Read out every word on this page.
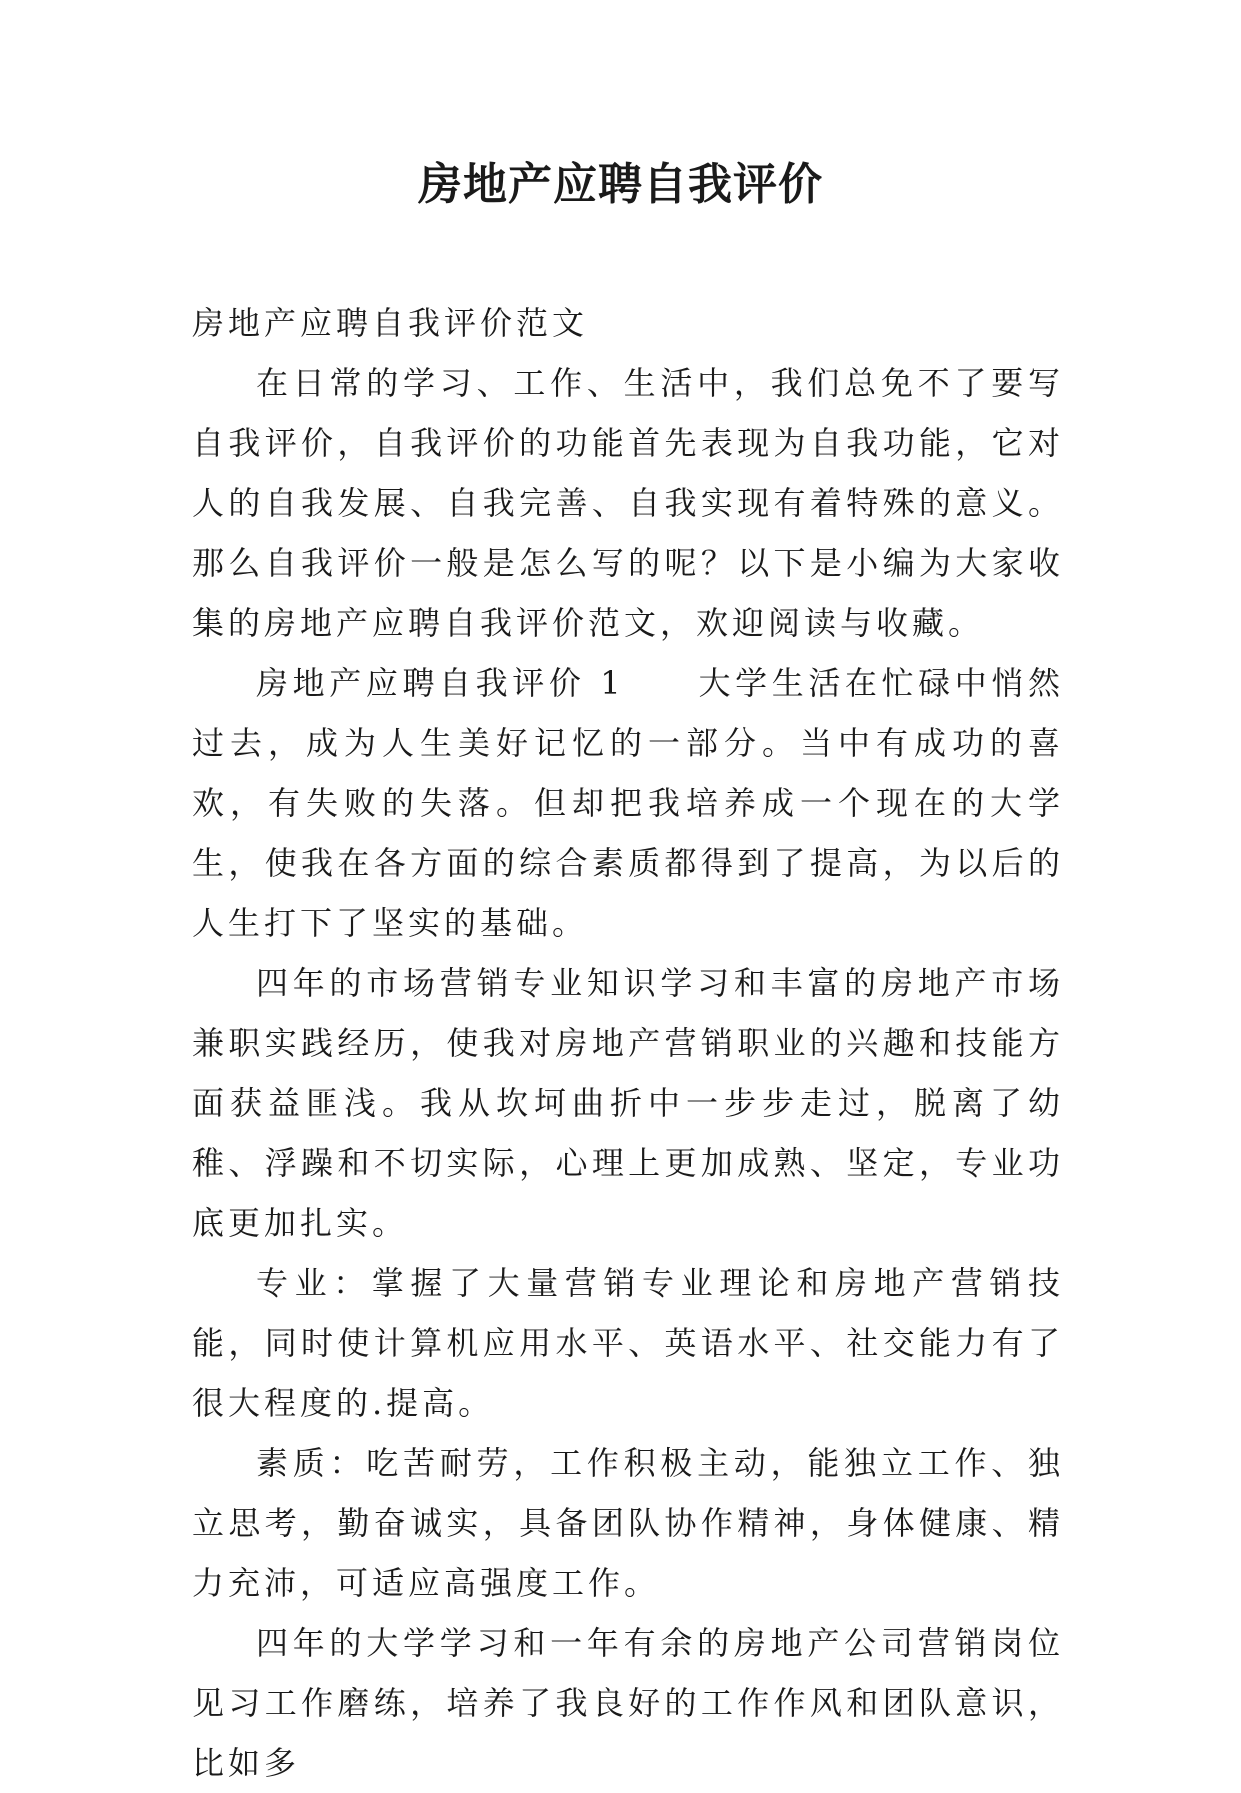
房地产应聘自我评价

房地产应聘自我评价范文

在日常的学习、工作、生活中，我们总免不了要写自我评价，自我评价的功能首先表现为自我功能，它对人的自我发展、自我完善、自我实现有着特殊的意义。那么自我评价一般是怎么写的呢？以下是小编为大家收集的房地产应聘自我评价范文，欢迎阅读与收藏。

房地产应聘自我评价 1　　大学生活在忙碌中悄然过去，成为人生美好记忆的一部分。当中有成功的喜欢，有失败的失落。但却把我培养成一个现在的大学生，使我在各方面的综合素质都得到了提高，为以后的人生打下了坚实的基础。

四年的市场营销专业知识学习和丰富的房地产市场兼职实践经历，使我对房地产营销职业的兴趣和技能方面获益匪浅。我从坎坷曲折中一步步走过，脱离了幼稚、浮躁和不切实际，心理上更加成熟、坚定，专业功底更加扎实。

专业：掌握了大量营销专业理论和房地产营销技能，同时使计算机应用水平、英语水平、社交能力有了很大程度的.提高。

素质：吃苦耐劳，工作积极主动，能独立工作、独立思考，勤奋诚实，具备团队协作精神，身体健康、精力充沛，可适应高强度工作。

四年的大学学习和一年有余的房地产公司营销岗位见习工作磨练，培养了我良好的工作作风和团队意识，比如多
